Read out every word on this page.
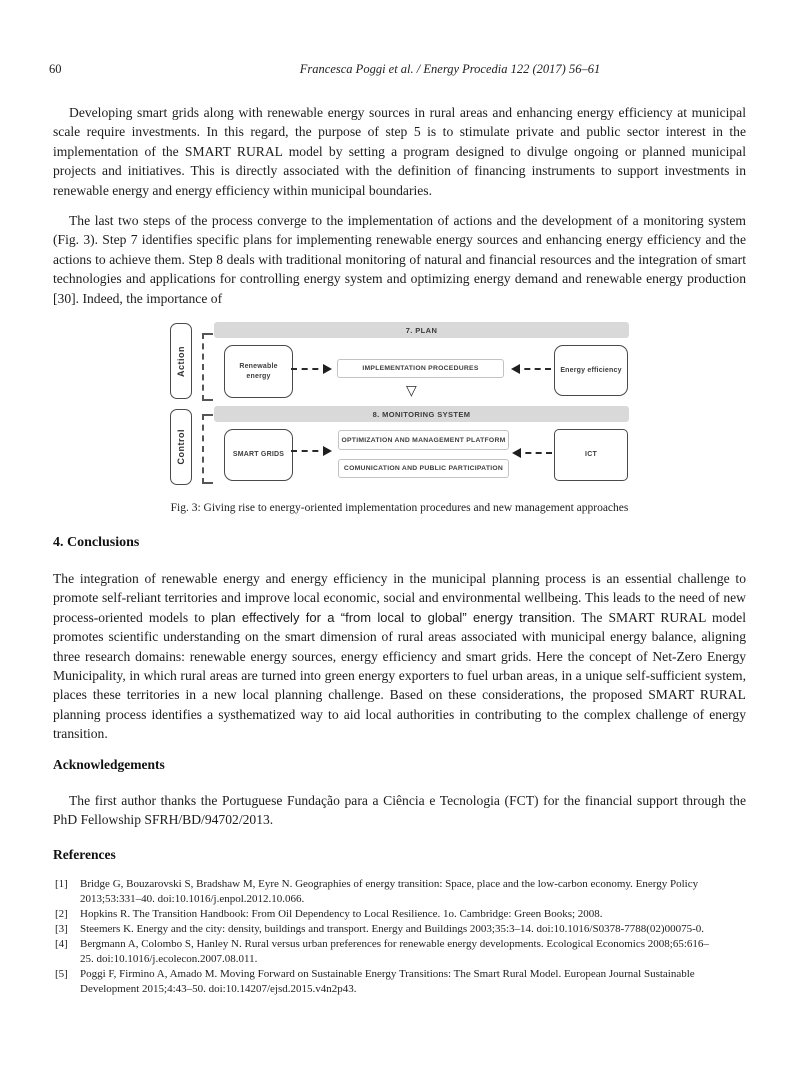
60	Francesca Poggi et al. / Energy Procedia 122 (2017) 56–61
Developing smart grids along with renewable energy sources in rural areas and enhancing energy efficiency at municipal scale require investments. In this regard, the purpose of step 5 is to stimulate private and public sector interest in the implementation of the SMART RURAL model by setting a program designed to divulge ongoing or planned municipal projects and initiatives. This is directly associated with the definition of financing instruments to support investments in renewable energy and energy efficiency within municipal boundaries.
The last two steps of the process converge to the implementation of actions and the development of a monitoring system (Fig. 3). Step 7 identifies specific plans for implementing renewable energy sources and enhancing energy efficiency and the actions to achieve them. Step 8 deals with traditional monitoring of natural and financial resources and the integration of smart technologies and applications for controlling energy system and optimizing energy demand and renewable energy production [30]. Indeed, the importance of
Action
Control
7. PLAN
Renewable energy
IMPLEMENTATION PROCEDURES	Energy efficiency
▽
8. MONITORING SYSTEM
SMART GRIDS
OPTIMIZATION AND MANAGEMENT PLATFORM
COMUNICATION AND PUBLIC PARTICIPATION
ICT
Fig. 3: Giving rise to energy-oriented implementation procedures and new management approaches
4. Conclusions
The integration of renewable energy and energy efficiency in the municipal planning process is an essential challenge to promote self-reliant territories and improve local economic, social and environmental wellbeing. This leads to the need of new process-oriented models to plan effectively for a “from local to global” energy transition. The SMART RURAL model promotes scientific understanding on the smart dimension of rural areas associated with municipal energy balance, aligning three research domains: renewable energy sources, energy efficiency and smart grids. Here the concept of Net-Zero Energy Municipality, in which rural areas are turned into green energy exporters to fuel urban areas, in a unique self-sufficient system, places these territories in a new local planning challenge. Based on these considerations, the proposed SMART RURAL planning process identifies a systhematized way to aid local authorities in contributing to the complex challenge of energy transition.
Acknowledgements
The first author thanks the Portuguese Fundação para a Ciência e Tecnologia (FCT) for the financial support through the PhD Fellowship SFRH/BD/94702/2013.
References
[1] Bridge G, Bouzarovski S, Bradshaw M, Eyre N. Geographies of energy transition: Space, place and the low-carbon economy. Energy Policy 2013;53:331–40. doi:10.1016/j.enpol.2012.10.066.
[2] Hopkins R. The Transition Handbook: From Oil Dependency to Local Resilience. 1o. Cambridge: Green Books; 2008.
[3] Steemers K. Energy and the city: density, buildings and transport. Energy and Buildings 2003;35:3–14. doi:10.1016/S0378-7788(02)00075-0.
[4] Bergmann A, Colombo S, Hanley N. Rural versus urban preferences for renewable energy developments. Ecological Economics 2008;65:616–25. doi:10.1016/j.ecolecon.2007.08.011.
[5] Poggi F, Firmino A, Amado M. Moving Forward on Sustainable Energy Transitions: The Smart Rural Model. European Journal Sustainable Development 2015;4:43–50. doi:10.14207/ejsd.2015.v4n2p43.
